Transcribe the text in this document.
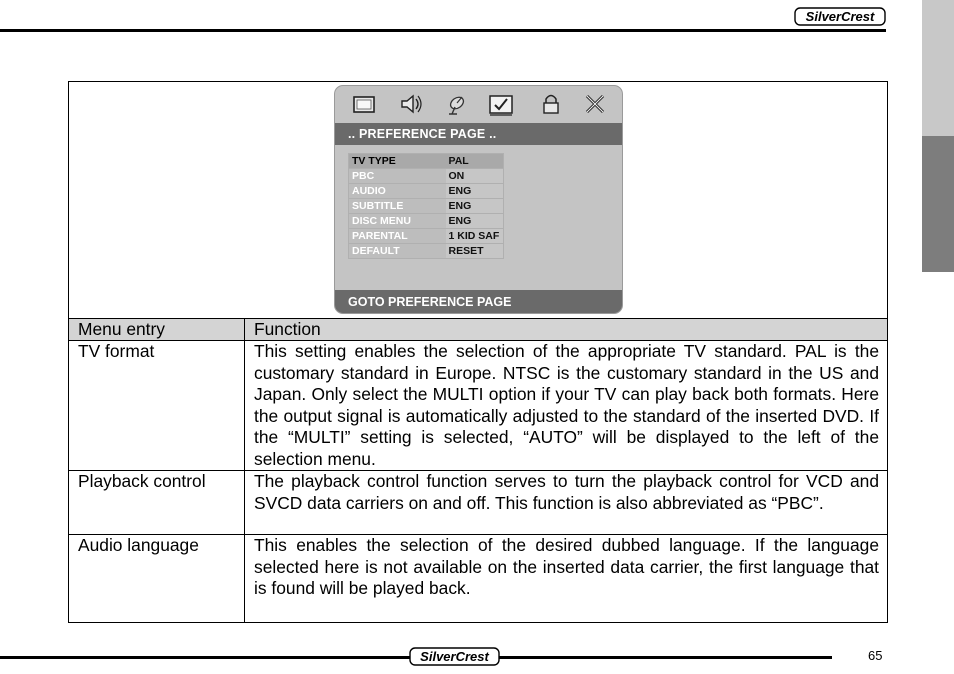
SilverCrest
.. PREFERENCE PAGE ..
TV TYPE	PAL
PBC	ON
AUDIO	ENG
SUBTITLE	ENG
DISC MENU	ENG
PARENTAL	1 KID SAF
DEFAULT	RESET
GOTO PREFERENCE PAGE

Menu entry	Function
TV format	This setting enables the selection of the appropriate TV standard. PAL is the customary standard in Europe. NTSC is the customary standard in the US and Japan. Only select the MULTI option if your TV can play back both formats. Here the output signal is automatically adjusted to the standard of the inserted DVD. If the “MULTI” setting is selected, “AUTO” will be displayed to the left of the selection menu.
Playback control	The playback control function serves to turn the playback control for VCD and SVCD data carriers on and off. This function is also abbreviated as “PBC”.
Audio language	This enables the selection of the desired dubbed language. If the language selected here is not available on the inserted data carrier, the first language that is found will be played back.
SilverCrest	65
